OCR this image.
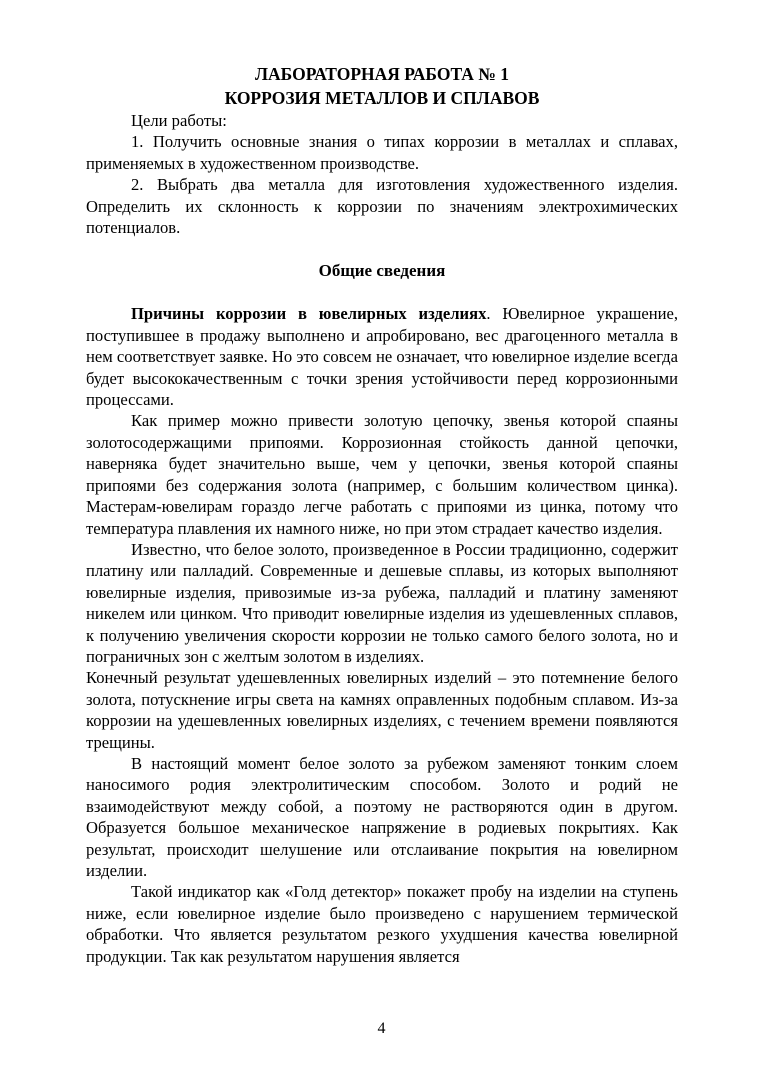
ЛАБОРАТОРНАЯ РАБОТА № 1
КОРРОЗИЯ МЕТАЛЛОВ И СПЛАВОВ

Цели работы:

1. Получить основные знания о типах коррозии в металлах и сплавах, применяемых в художественном производстве.

2. Выбрать два металла для изготовления художественного изделия. Определить их склонность к коррозии по значениям электрохимических потенциалов.

Общие сведения

Причины коррозии в ювелирных изделиях. Ювелирное украшение, поступившее в продажу выполнено и апробировано, вес драгоценного металла в нем соответствует заявке. Но это совсем не означает, что ювелирное изделие всегда будет высококачественным с точки зрения устойчивости перед коррозионными процессами.

Как пример можно привести золотую цепочку, звенья которой спаяны золотосодержащими припоями. Коррозионная стойкость данной цепочки, наверняка будет значительно выше, чем у цепочки, звенья которой спаяны припоями без содержания золота (например, с большим количеством цинка). Мастерам-ювелирам гораздо легче работать с припоями из цинка, потому что температура плавления их намного ниже, но при этом страдает качество изделия.

Известно, что белое золото, произведенное в России традиционно, содержит платину или палладий. Современные и дешевые сплавы, из которых выполняют ювелирные изделия, привозимые из-за рубежа, палладий и платину заменяют никелем или цинком. Что приводит ювелирные изделия из удешевленных сплавов, к получению увеличения скорости коррозии не только самого белого золота, но и пограничных зон с желтым золотом в изделиях.

Конечный результат удешевленных ювелирных изделий – это потемнение белого золота, потускнение игры света на камнях оправленных подобным сплавом. Из-за коррозии на удешевленных ювелирных изделиях, с течением времени появляются трещины.

В настоящий момент белое золото за рубежом заменяют тонким слоем наносимого родия электролитическим способом. Золото и родий не взаимодействуют между собой, а поэтому не растворяются один в другом. Образуется большое механическое напряжение в родиевых покрытиях. Как результат, происходит шелушение или отслаивание покрытия на ювелирном изделии.

Такой индикатор как «Голд детектор» покажет пробу на изделии на ступень ниже, если ювелирное изделие было произведено с нарушением термической обработки. Что является результатом резкого ухудшения качества ювелирной продукции. Так как результатом нарушения является

4
